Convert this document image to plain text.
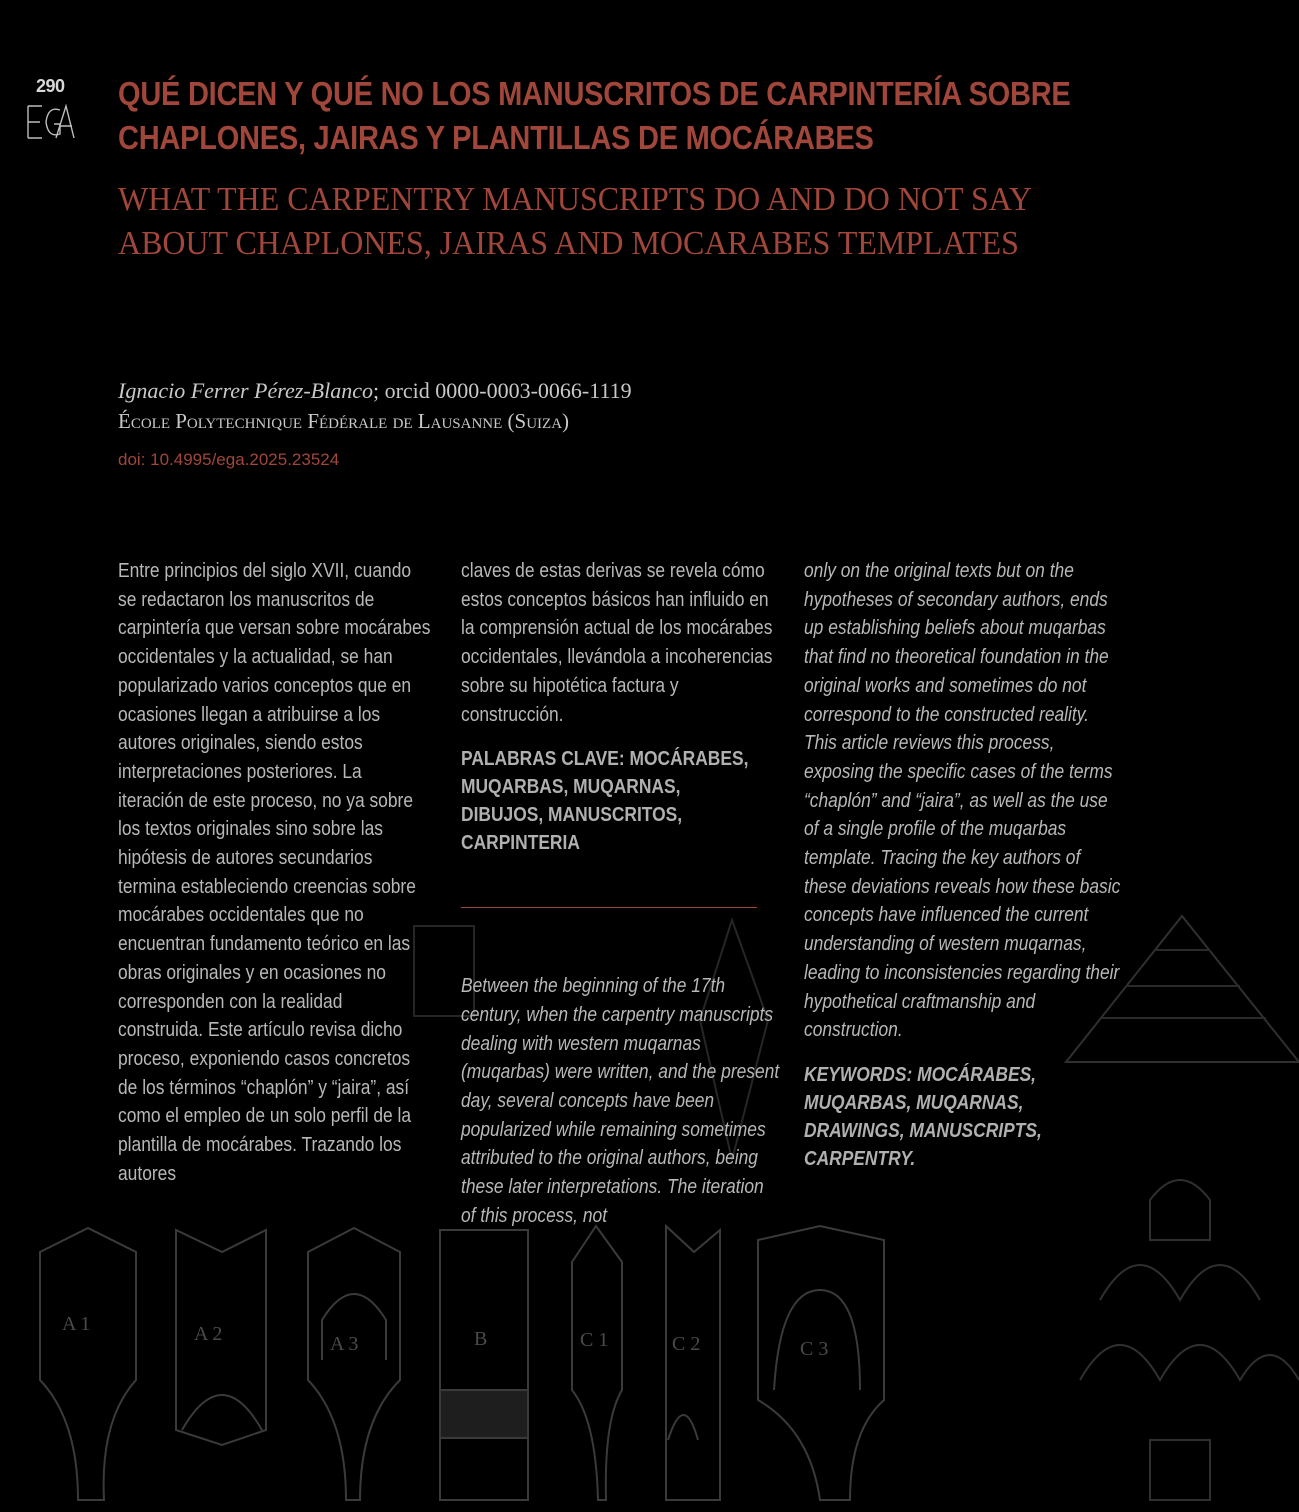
A 1	A 2	A 3	B	C 1	C 2	C 3
290 QUÉ DICEN Y QUÉ NO LOS MANUSCRITOS DE CARPINTERÍA SOBRE
CHAPLONES, JAIRAS Y PLANTILLAS DE MOCÁRABES
WHAT THE CARPENTRY MANUSCRIPTS DO AND DO NOT SAY
ABOUT CHAPLONES, JAIRAS AND MOCARABES TEMPLATES
Ignacio Ferrer Pérez-Blanco; orcid 0000-0003-0066-1119
École Polytechnique Fédérale de Lausanne (Suiza)
doi: 10.4995/ega.2025.23524

Entre principios del siglo XVII, cuando se redactaron los manuscritos de carpintería que versan sobre mocárabes occidentales y la actualidad, se han popularizado varios conceptos que en ocasiones llegan a atribuirse a los autores originales, siendo estos interpretaciones posteriores. La iteración de este proceso, no ya sobre los textos originales sino sobre las hipótesis de autores secundarios termina estableciendo creencias sobre mocárabes occidentales que no encuentran fundamento teórico en las obras originales y en ocasiones no corresponden con la realidad construida. Este artículo revisa dicho proceso, exponiendo casos concretos de los términos “chaplón” y “jaira”, así como el empleo de un solo perfil de la plantilla de mocárabes. Trazando los autores

claves de estas derivas se revela cómo estos conceptos básicos han influido en la comprensión actual de los mocárabes occidentales, llevándola a incoherencias sobre su hipotética factura y construcción.

PALABRAS CLAVE: MOCÁRABES, MUQARBAS, MUQARNAS, DIBUJOS, MANUSCRITOS, CARPINTERIA

Between the beginning of the 17th century, when the carpentry manuscripts dealing with western muqarnas (muqarbas) were written, and the present day, several concepts have been popularized while remaining sometimes attributed to the original authors, being these later interpretations. The iteration of this process, not

only on the original texts but on the hypotheses of secondary authors, ends up establishing beliefs about muqarbas that find no theoretical foundation in the original works and sometimes do not correspond to the constructed reality. This article reviews this process, exposing the specific cases of the terms “chaplón” and “jaira”, as well as the use of a single profile of the muqarbas template. Tracing the key authors of these deviations reveals how these basic concepts have influenced the current understanding of western muqarnas, leading to inconsistencies regarding their hypothetical craftmanship and construction.

KEYWORDS: MOCÁRABES, MUQARBAS, MUQARNAS, DRAWINGS, MANUSCRIPTS, CARPENTRY.
